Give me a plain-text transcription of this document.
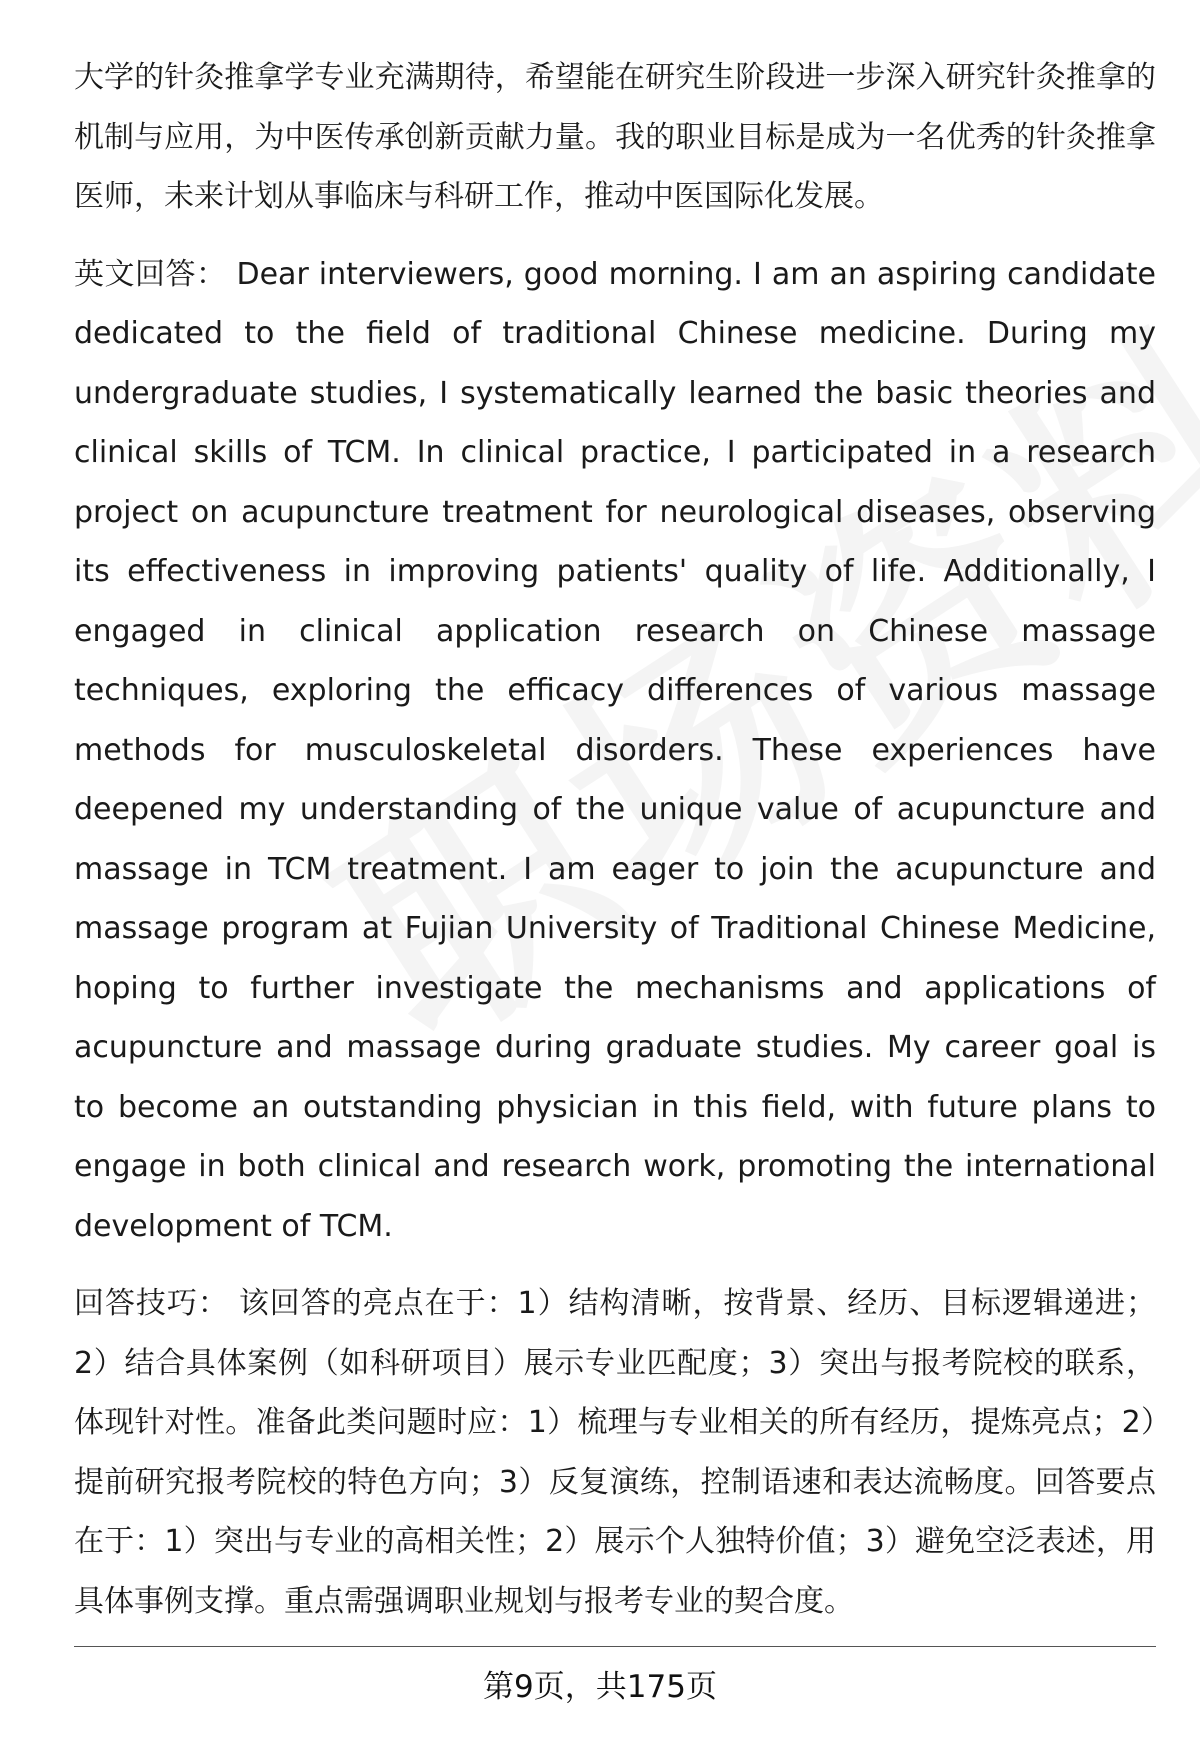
大学的针灸推拿学专业充满期待，希望能在研究生阶段进一步深入研究针灸推拿的机制与应用，为中医传承创新贡献力量。我的职业目标是成为一名优秀的针灸推拿医师，未来计划从事临床与科研工作，推动中医国际化发展。

英文回答： Dear interviewers, good morning. I am an aspiring candidate dedicated to the field of traditional Chinese medicine. During my undergraduate studies, I systematically learned the basic theories and clinical skills of TCM. In clinical practice, I participated in a research project on acupuncture treatment for neurological diseases, observing its effectiveness in improving patients' quality of life. Additionally, I engaged in clinical application research on Chinese massage techniques, exploring the efficacy differences of various massage methods for musculoskeletal disorders. These experiences have deepened my understanding of the unique value of acupuncture and massage in TCM treatment. I am eager to join the acupuncture and massage program at Fujian University of Traditional Chinese Medicine, hoping to further investigate the mechanisms and applications of acupuncture and massage during graduate studies. My career goal is to become an outstanding physician in this field, with future plans to engage in both clinical and research work, promoting the international development of TCM.

回答技巧： 该回答的亮点在于：1）结构清晰，按背景、经历、目标逻辑递进；2）结合具体案例（如科研项目）展示专业匹配度；3）突出与报考院校的联系，体现针对性。准备此类问题时应：1）梳理与专业相关的所有经历，提炼亮点；2）提前研究报考院校的特色方向；3）反复演练，控制语速和表达流畅度。回答要点在于：1）突出与专业的高相关性；2）展示个人独特价值；3）避免空泛表述，用具体事例支撑。重点需强调职业规划与报考专业的契合度。

第9页，共175页
